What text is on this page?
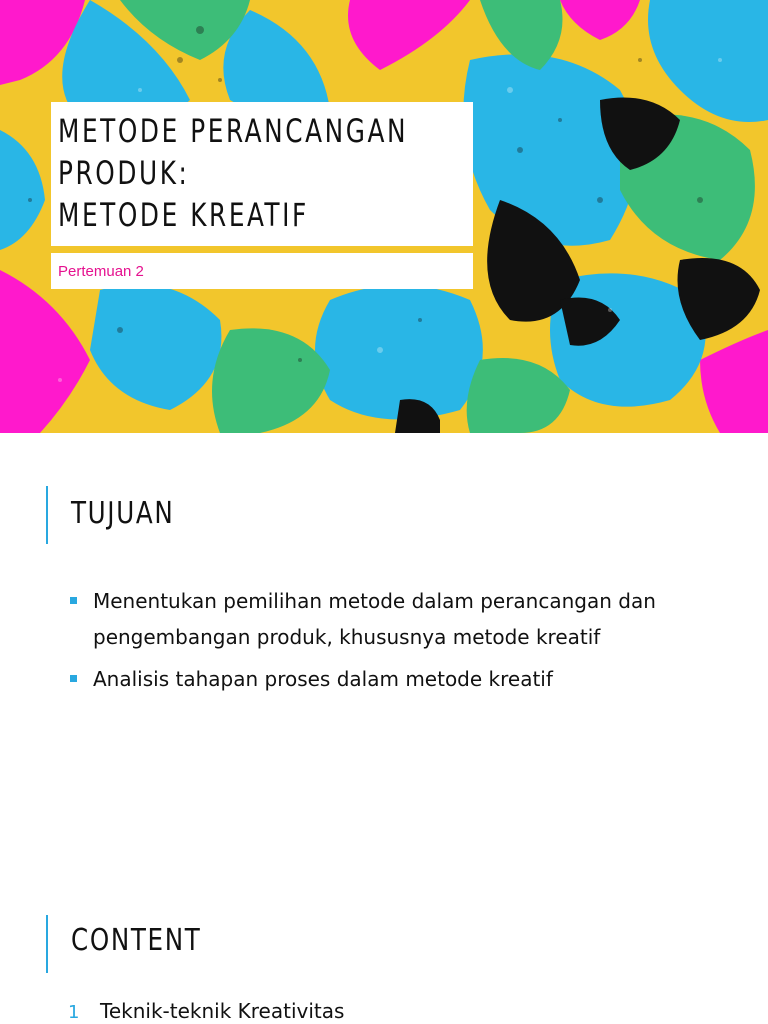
METODE PERANCANGAN
PRODUK:
METODE KREATIF
Pertemuan 2
TUJUAN
Menentukan pemilihan metode dalam perancangan dan pengembangan produk, khususnya metode kreatif
Analisis tahapan proses dalam metode kreatif
CONTENT
1 Teknik-teknik Kreativitas
